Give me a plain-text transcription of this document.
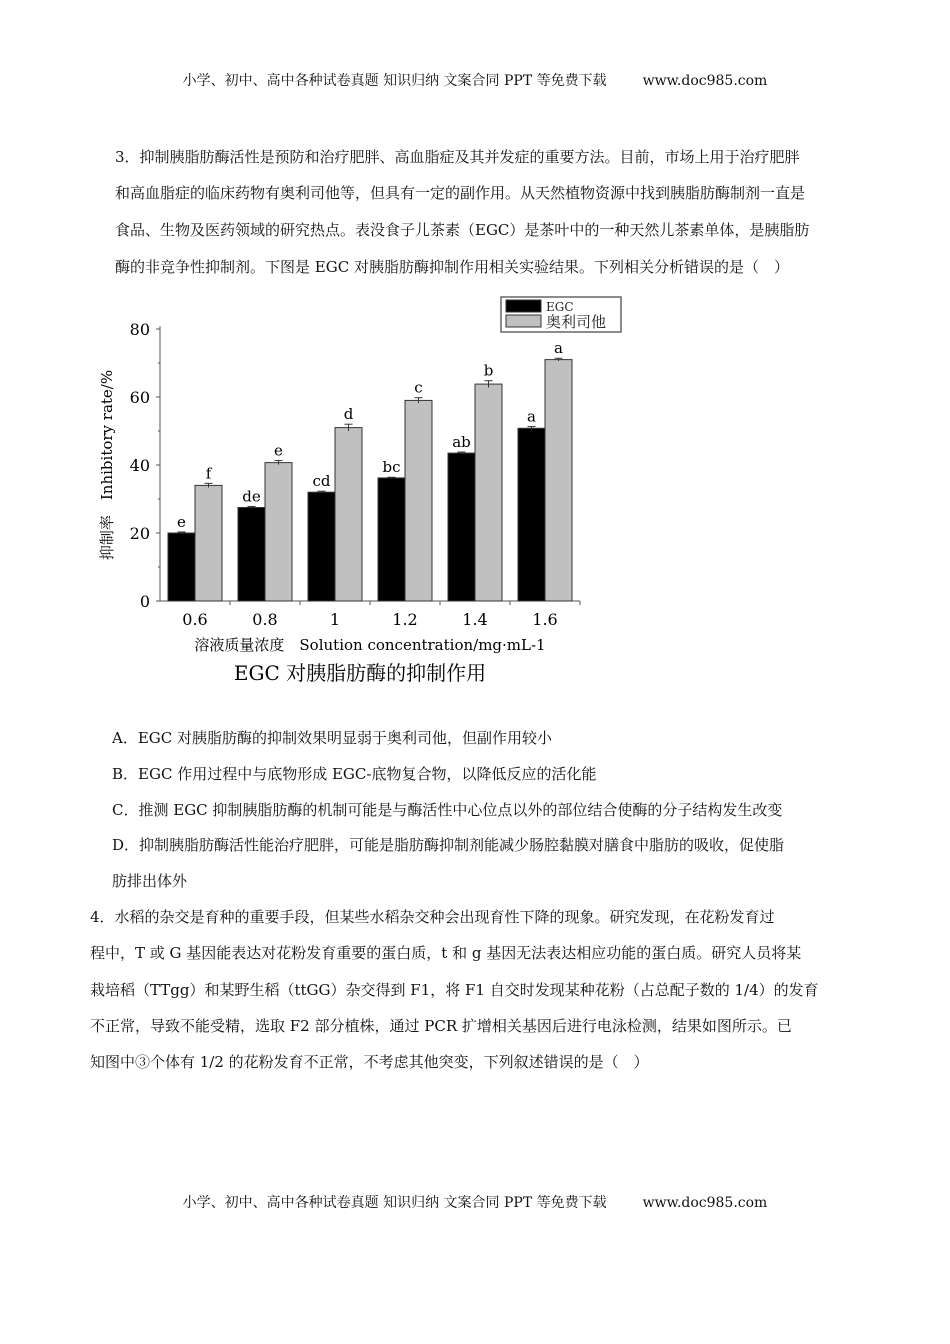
小学、初中、高中各种试卷真题 知识归纳 文案合同 PPT 等免费下载	www.doc985.com
3．抑制胰脂肪酶活性是预防和治疗肥胖、高血脂症及其并发症的重要方法。目前，市场上用于治疗肥胖
和高血脂症的临床药物有奥利司他等，但具有一定的副作用。从天然植物资源中找到胰脂肪酶制剂一直是
食品、生物及医药领域的研究热点。表没食子儿茶素（EGC）是茶叶中的一种天然儿茶素单体，是胰脂肪
酶的非竞争性抑制剂。下图是 EGC 对胰脂肪酶抑制作用相关实验结果。下列相关分析错误的是（　）
0
20
40
60
80
0.6
e
f
0.8
de
e
1
cd
d
1.2
bc
c
1.4
ab
b
1.6
a
a
抑制率　Inhibitory rate/%
溶液质量浓度　Solution concentration/mg·mL-1
EGC 对胰脂肪酶的抑制作用
EGC
奥利司他
A．EGC 对胰脂肪酶的抑制效果明显弱于奥利司他，但副作用较小
B．EGC 作用过程中与底物形成 EGC-底物复合物，以降低反应的活化能
C．推测 EGC 抑制胰脂肪酶的机制可能是与酶活性中心位点以外的部位结合使酶的分子结构发生改变
D．抑制胰脂肪酶活性能治疗肥胖，可能是脂肪酶抑制剂能减少肠腔黏膜对膳食中脂肪的吸收，促使脂
肪排出体外
4．水稻的杂交是育种的重要手段，但某些水稻杂交种会出现育性下降的现象。研究发现，在花粉发育过
程中，T 或 G 基因能表达对花粉发育重要的蛋白质，t 和 g 基因无法表达相应功能的蛋白质。研究人员将某
栽培稻（TTgg）和某野生稻（ttGG）杂交得到 F1，将 F1 自交时发现某种花粉（占总配子数的 1/4）的发育
不正常，导致不能受精，选取 F2 部分植株，通过 PCR 扩增相关基因后进行电泳检测，结果如图所示。已
知图中③个体有 1/2 的花粉发育不正常，不考虑其他突变，下列叙述错误的是（　）
小学、初中、高中各种试卷真题 知识归纳 文案合同 PPT 等免费下载	www.doc985.com
